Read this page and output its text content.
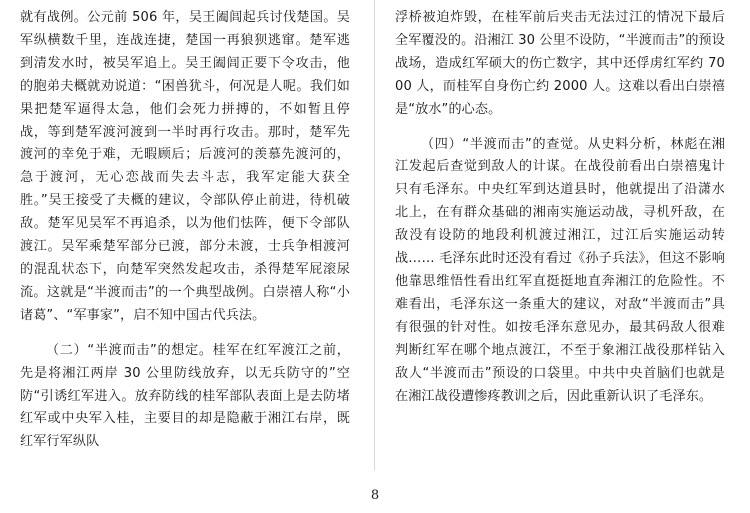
就有战例。公元前 506 年，吴王阖闾起兵讨伐楚国。吴军纵横数千里，连战连捷，楚国一再狼狈逃窜。楚军逃到清发水时，被吴军追上。吴王阖闾正要下令攻击，他的胞弟夫概就劝说道：“困兽犹斗，何况是人呢。我们如果把楚军逼得太急，他们会死力拼搏的，不如暂且停战，等到楚军渡河渡到一半时再行攻击。那时，楚军先渡河的幸免于难，无暇顾后；后渡河的羡慕先渡河的，急于渡河，无心恋战而失去斗志，我军定能大获全胜。”吴王接受了夫概的建议，令部队停止前进，待机破敌。楚军见吴军不再追杀，以为他们怯阵，便下令部队渡江。吴军乘楚军部分已渡，部分未渡，士兵争相渡河的混乱状态下，向楚军突然发起攻击，杀得楚军屁滚尿流。这就是“半渡而击”的一个典型战例。白崇禧人称“小诸葛”、“军事家”，启不知中国古代兵法。

（二）“半渡而击”的想定。桂军在红军渡江之前，先是将湘江两岸 30 公里防线放弃，以无兵防守的”空防“引诱红军进入。放弃防线的桂军部队表面上是去防堵红军或中央军入桂，主要目的却是隐蔽于湘江右岸，既红军行军纵队

浮桥被迫炸毁，在桂军前后夹击无法过江的情况下最后全军覆没的。沿湘江 30 公里不设防，“半渡而击”的预设战场，造成红军硕大的伤亡数字，其中还俘虏红军约 7000 人，而桂军自身伤亡约 2000 人。这难以看出白崇禧是“放水”的心态。

（四）“半渡而击”的查觉。从史料分析，林彪在湘江发起后查觉到敌人的计谋。在战役前看出白崇禧鬼计只有毛泽东。中央红军到达道县时，他就提出了沿潇水北上，在有群众基础的湘南实施运动战，寻机歼敌，在敌没有设防的地段利机渡过湘江，过江后实施运动转战…… 毛泽东此时还没有看过《孙子兵法》，但这不影响他靠思维悟性看出红军直挺挺地直奔湘江的危险性。不难看出，毛泽东这一条重大的建议，对敌“半渡而击”具有很强的针对性。如按毛泽东意见办，最其码敌人很难判断红军在哪个地点渡江，不至于象湘江战役那样钻入敌人“半渡而击”预设的口袋里。中共中央首脑们也就是在湘江战役遭惨疼教训之后，因此重新认识了毛泽东。

8
